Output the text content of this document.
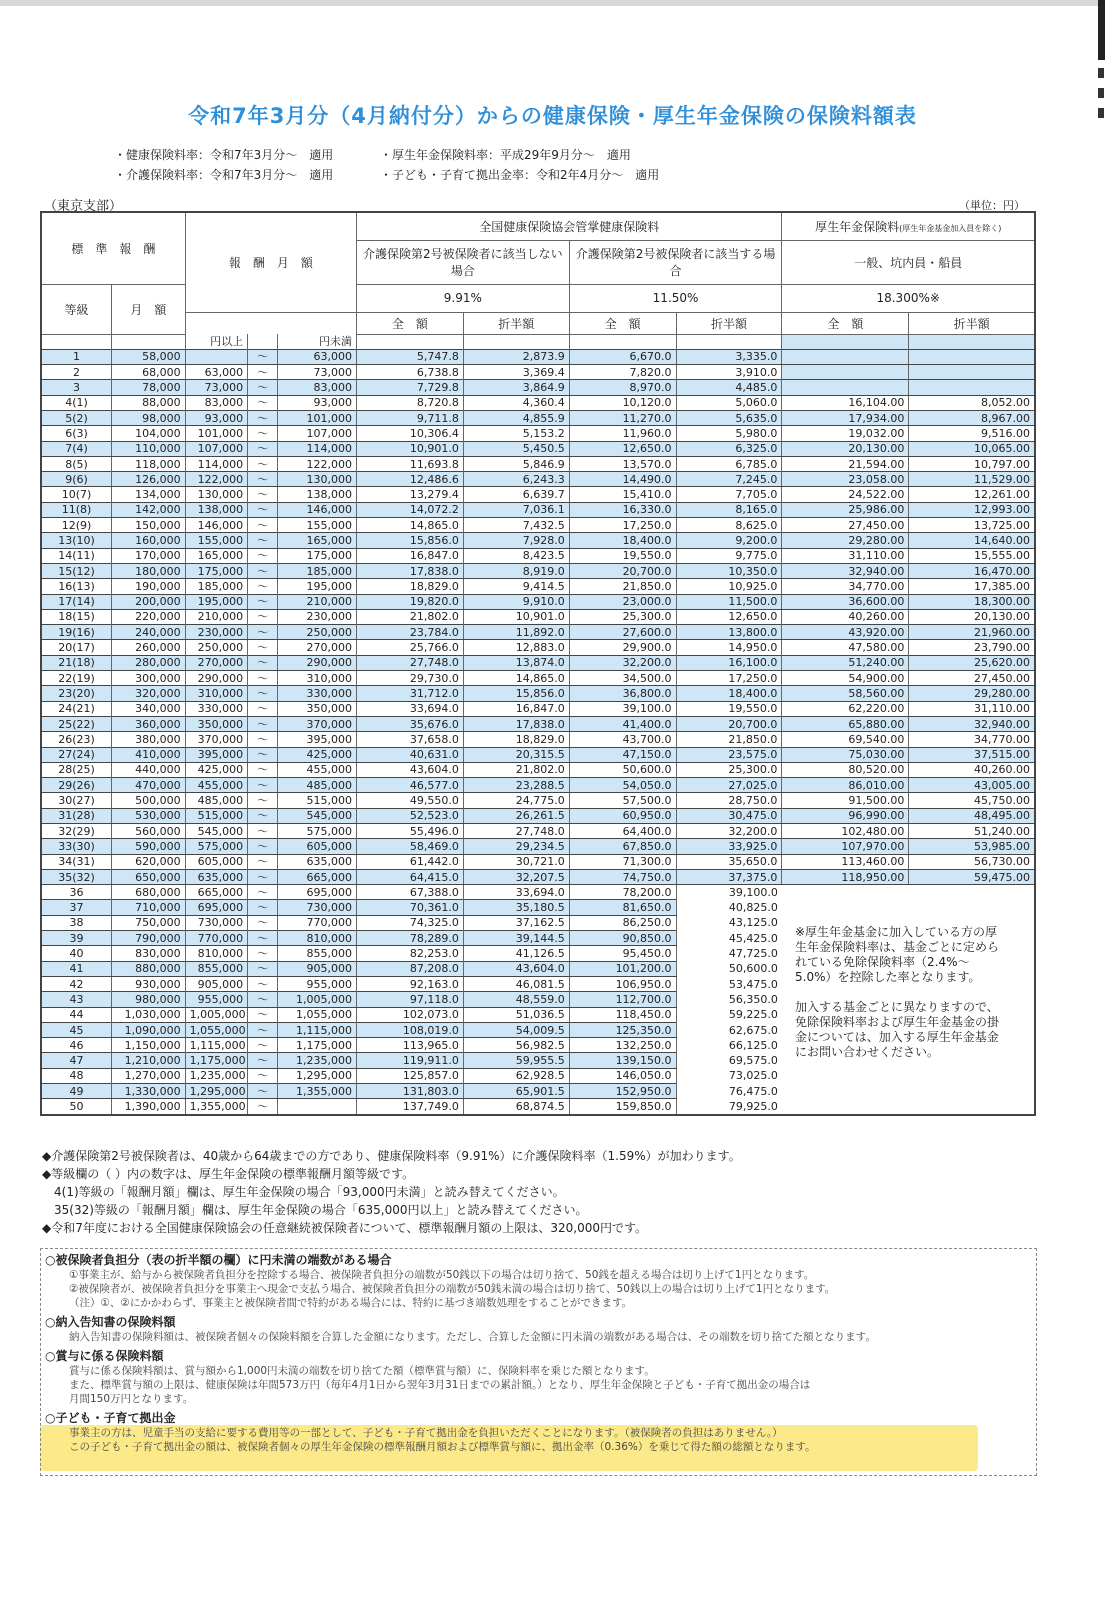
令和7年3月分（4月納付分）からの健康保険・厚生年金保険の保険料額表
・健康保険料率：令和7年3月分～　適用
・介護保険料率：令和7年3月分～　適用
・厚生年金保険料率：平成29年9月分～　適用
・子ども・子育て拠出金率：令和2年4月分～　適用
（東京支部）	（単位：円）
標　準　報　酬		報　酬　月　額			全国健康保険協会管掌健康保険料				厚生年金保険料(厚生年金基金加入員を除く)	
					介護保険第2号被保険者に該当しない場合		介護保険第2号被保険者に該当する場合		一般、坑内員・船員	
等級	月　額				9.91%		11.50%		18.300%※	
					全　額	折半額	全　額	折半額	全　額	折半額
		円以上		円未満						
1	58,000		～	63,000	5,747.8	2,873.9	6,670.0	3,335.0		
2	68,000	63,000	～	73,000	6,738.8	3,369.4	7,820.0	3,910.0		
3	78,000	73,000	～	83,000	7,729.8	3,864.9	8,970.0	4,485.0		
4(1)	88,000	83,000	～	93,000	8,720.8	4,360.4	10,120.0	5,060.0	16,104.00	8,052.00
5(2)	98,000	93,000	～	101,000	9,711.8	4,855.9	11,270.0	5,635.0	17,934.00	8,967.00
6(3)	104,000	101,000	～	107,000	10,306.4	5,153.2	11,960.0	5,980.0	19,032.00	9,516.00
7(4)	110,000	107,000	～	114,000	10,901.0	5,450.5	12,650.0	6,325.0	20,130.00	10,065.00
8(5)	118,000	114,000	～	122,000	11,693.8	5,846.9	13,570.0	6,785.0	21,594.00	10,797.00
9(6)	126,000	122,000	～	130,000	12,486.6	6,243.3	14,490.0	7,245.0	23,058.00	11,529.00
10(7)	134,000	130,000	～	138,000	13,279.4	6,639.7	15,410.0	7,705.0	24,522.00	12,261.00
11(8)	142,000	138,000	～	146,000	14,072.2	7,036.1	16,330.0	8,165.0	25,986.00	12,993.00
12(9)	150,000	146,000	～	155,000	14,865.0	7,432.5	17,250.0	8,625.0	27,450.00	13,725.00
13(10)	160,000	155,000	～	165,000	15,856.0	7,928.0	18,400.0	9,200.0	29,280.00	14,640.00
14(11)	170,000	165,000	～	175,000	16,847.0	8,423.5	19,550.0	9,775.0	31,110.00	15,555.00
15(12)	180,000	175,000	～	185,000	17,838.0	8,919.0	20,700.0	10,350.0	32,940.00	16,470.00
16(13)	190,000	185,000	～	195,000	18,829.0	9,414.5	21,850.0	10,925.0	34,770.00	17,385.00
17(14)	200,000	195,000	～	210,000	19,820.0	9,910.0	23,000.0	11,500.0	36,600.00	18,300.00
18(15)	220,000	210,000	～	230,000	21,802.0	10,901.0	25,300.0	12,650.0	40,260.00	20,130.00
19(16)	240,000	230,000	～	250,000	23,784.0	11,892.0	27,600.0	13,800.0	43,920.00	21,960.00
20(17)	260,000	250,000	～	270,000	25,766.0	12,883.0	29,900.0	14,950.0	47,580.00	23,790.00
21(18)	280,000	270,000	～	290,000	27,748.0	13,874.0	32,200.0	16,100.0	51,240.00	25,620.00
22(19)	300,000	290,000	～	310,000	29,730.0	14,865.0	34,500.0	17,250.0	54,900.00	27,450.00
23(20)	320,000	310,000	～	330,000	31,712.0	15,856.0	36,800.0	18,400.0	58,560.00	29,280.00
24(21)	340,000	330,000	～	350,000	33,694.0	16,847.0	39,100.0	19,550.0	62,220.00	31,110.00
25(22)	360,000	350,000	～	370,000	35,676.0	17,838.0	41,400.0	20,700.0	65,880.00	32,940.00
26(23)	380,000	370,000	～	395,000	37,658.0	18,829.0	43,700.0	21,850.0	69,540.00	34,770.00
27(24)	410,000	395,000	～	425,000	40,631.0	20,315.5	47,150.0	23,575.0	75,030.00	37,515.00
28(25)	440,000	425,000	～	455,000	43,604.0	21,802.0	50,600.0	25,300.0	80,520.00	40,260.00
29(26)	470,000	455,000	～	485,000	46,577.0	23,288.5	54,050.0	27,025.0	86,010.00	43,005.00
30(27)	500,000	485,000	～	515,000	49,550.0	24,775.0	57,500.0	28,750.0	91,500.00	45,750.00
31(28)	530,000	515,000	～	545,000	52,523.0	26,261.5	60,950.0	30,475.0	96,990.00	48,495.00
32(29)	560,000	545,000	～	575,000	55,496.0	27,748.0	64,400.0	32,200.0	102,480.00	51,240.00
33(30)	590,000	575,000	～	605,000	58,469.0	29,234.5	67,850.0	33,925.0	107,970.00	53,985.00
34(31)	620,000	605,000	～	635,000	61,442.0	30,721.0	71,300.0	35,650.0	113,460.00	56,730.00
35(32)	650,000	635,000	～	665,000	64,415.0	32,207.5	74,750.0	37,375.0	118,950.00	59,475.00
36	680,000	665,000	～	695,000	67,388.0	33,694.0	78,200.0	39,100.0		
37	710,000	695,000	～	730,000	70,361.0	35,180.5	81,650.0	40,825.0		
38	750,000	730,000	～	770,000	74,325.0	37,162.5	86,250.0	43,125.0		
39	790,000	770,000	～	810,000	78,289.0	39,144.5	90,850.0	45,425.0		
40	830,000	810,000	～	855,000	82,253.0	41,126.5	95,450.0	47,725.0		
41	880,000	855,000	～	905,000	87,208.0	43,604.0	101,200.0	50,600.0		
42	930,000	905,000	～	955,000	92,163.0	46,081.5	106,950.0	53,475.0		
43	980,000	955,000	～	1,005,000	97,118.0	48,559.0	112,700.0	56,350.0		
44	1,030,000	1,005,000	～	1,055,000	102,073.0	51,036.5	118,450.0	59,225.0		
45	1,090,000	1,055,000	～	1,115,000	108,019.0	54,009.5	125,350.0	62,675.0		
46	1,150,000	1,115,000	～	1,175,000	113,965.0	56,982.5	132,250.0	66,125.0		
47	1,210,000	1,175,000	～	1,235,000	119,911.0	59,955.5	139,150.0	69,575.0		
48	1,270,000	1,235,000	～	1,295,000	125,857.0	62,928.5	146,050.0	73,025.0		
49	1,330,000	1,295,000	～	1,355,000	131,803.0	65,901.5	152,950.0	76,475.0		
50	1,390,000	1,355,000	～		137,749.0	68,874.5	159,850.0	79,925.0		
※厚生年金基金に加入している方の厚生年金保険料率は、基金ごとに定められている免除保険料率（2.4%～5.0%）を控除した率となります。

加入する基金ごとに異なりますので、免除保険料率および厚生年金基金の掛金については、加入する厚生年金基金にお問い合わせください。
◆介護保険第2号被保険者は、40歳から64歳までの方であり、健康保険料率（9.91%）に介護保険料率（1.59%）が加わります。
◆等級欄の（ ）内の数字は、厚生年金保険の標準報酬月額等級です。
　4(1)等級の「報酬月額」欄は、厚生年金保険の場合「93,000円未満」と読み替えてください。
　35(32)等級の「報酬月額」欄は、厚生年金保険の場合「635,000円以上」と読み替えてください。
◆令和7年度における全国健康保険協会の任意継続被保険者について、標準報酬月額の上限は、320,000円です。
○被保険者負担分（表の折半額の欄）に円未満の端数がある場合
①事業主が、給与から被保険者負担分を控除する場合、被保険者負担分の端数が50銭以下の場合は切り捨て、50銭を超える場合は切り上げて1円となります。
②被保険者が、被保険者負担分を事業主へ現金で支払う場合、被保険者負担分の端数が50銭未満の場合は切り捨て、50銭以上の場合は切り上げて1円となります。
（注）①、②にかかわらず、事業主と被保険者間で特約がある場合には、特約に基づき端数処理をすることができます。
○納入告知書の保険料額
納入告知書の保険料額は、被保険者個々の保険料額を合算した金額になります。ただし、合算した金額に円未満の端数がある場合は、その端数を切り捨てた額となります。
○賞与に係る保険料額
賞与に係る保険料額は、賞与額から1,000円未満の端数を切り捨てた額（標準賞与額）に、保険料率を乗じた額となります。
また、標準賞与額の上限は、健康保険は年間573万円（毎年4月1日から翌年3月31日までの累計額。）となり、厚生年金保険と子ども・子育て拠出金の場合は
月間150万円となります。
○子ども・子育て拠出金
事業主の方は、児童手当の支給に要する費用等の一部として、子ども・子育て拠出金を負担いただくことになります。（被保険者の負担はありません。）
この子ども・子育て拠出金の額は、被保険者個々の厚生年金保険の標準報酬月額および標準賞与額に、拠出金率（0.36%）を乗じて得た額の総額となります。
